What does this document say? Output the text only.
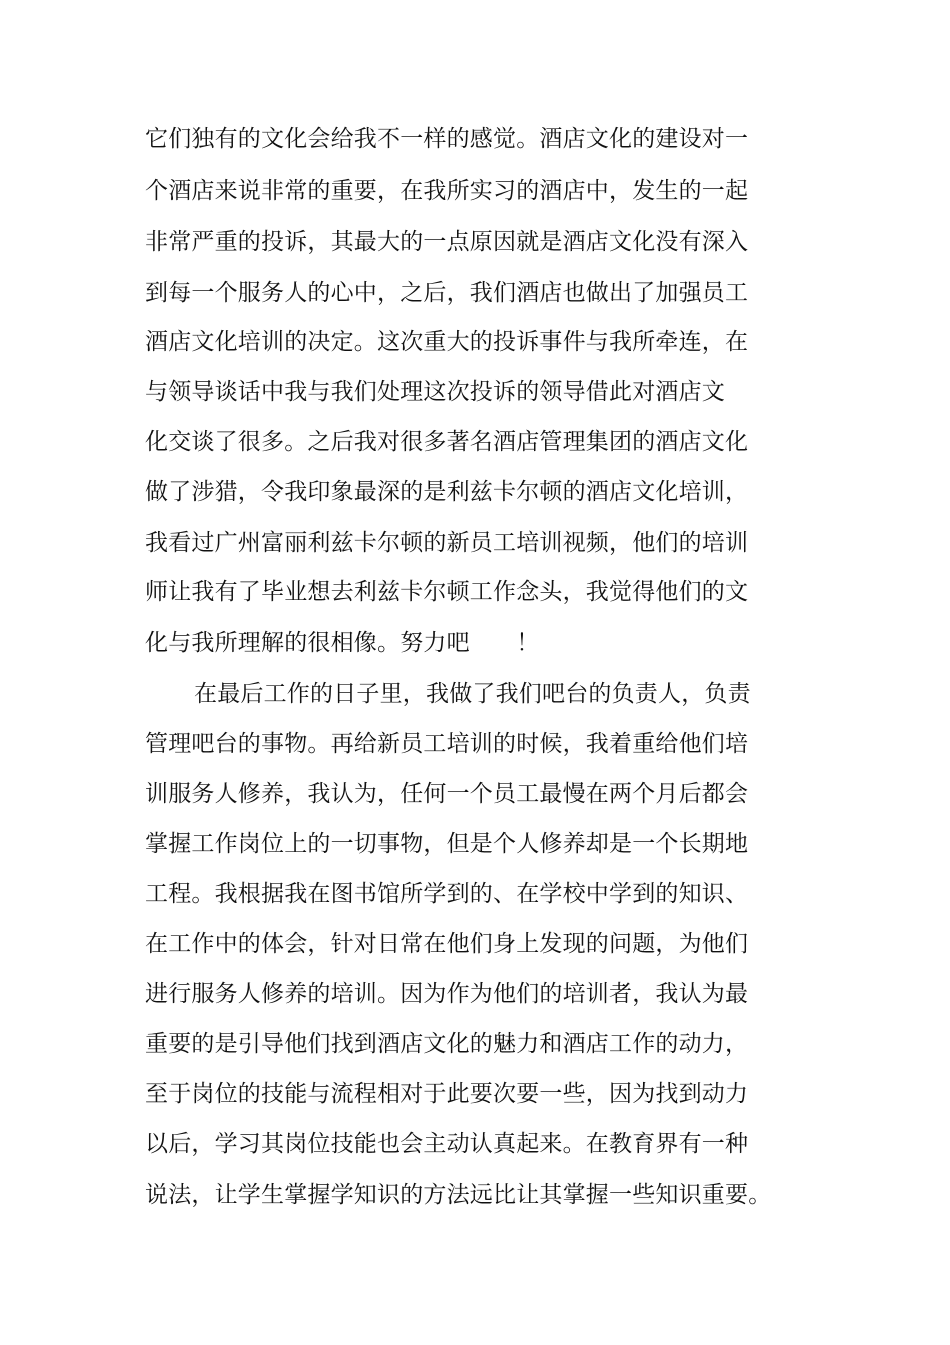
它们独有的文化会给我不一样的感觉。酒店文化的建设对一
个酒店来说非常的重要，在我所实习的酒店中，发生的一起
非常严重的投诉，其最大的一点原因就是酒店文化没有深入
到每一个服务人的心中，之后，我们酒店也做出了加强员工
酒店文化培训的决定。这次重大的投诉事件与我所牵连，在
与领导谈话中我与我们处理这次投诉的领导借此对酒店文
化交谈了很多。之后我对很多著名酒店管理集团的酒店文化
做了涉猎，令我印象最深的是利兹卡尔顿的酒店文化培训，
我看过广州富丽利兹卡尔顿的新员工培训视频，他们的培训
师让我有了毕业想去利兹卡尔顿工作念头，我觉得他们的文
化与我所理解的很相像。努力吧　　！
在最后工作的日子里，我做了我们吧台的负责人，负责
管理吧台的事物。再给新员工培训的时候，我着重给他们培
训服务人修养，我认为，任何一个员工最慢在两个月后都会
掌握工作岗位上的一切事物，但是个人修养却是一个长期地
工程。我根据我在图书馆所学到的、在学校中学到的知识、
在工作中的体会，针对日常在他们身上发现的问题，为他们
进行服务人修养的培训。因为作为他们的培训者，我认为最
重要的是引导他们找到酒店文化的魅力和酒店工作的动力，
至于岗位的技能与流程相对于此要次要一些，因为找到动力
以后，学习其岗位技能也会主动认真起来。在教育界有一种
说法，让学生掌握学知识的方法远比让其掌握一些知识重要。
